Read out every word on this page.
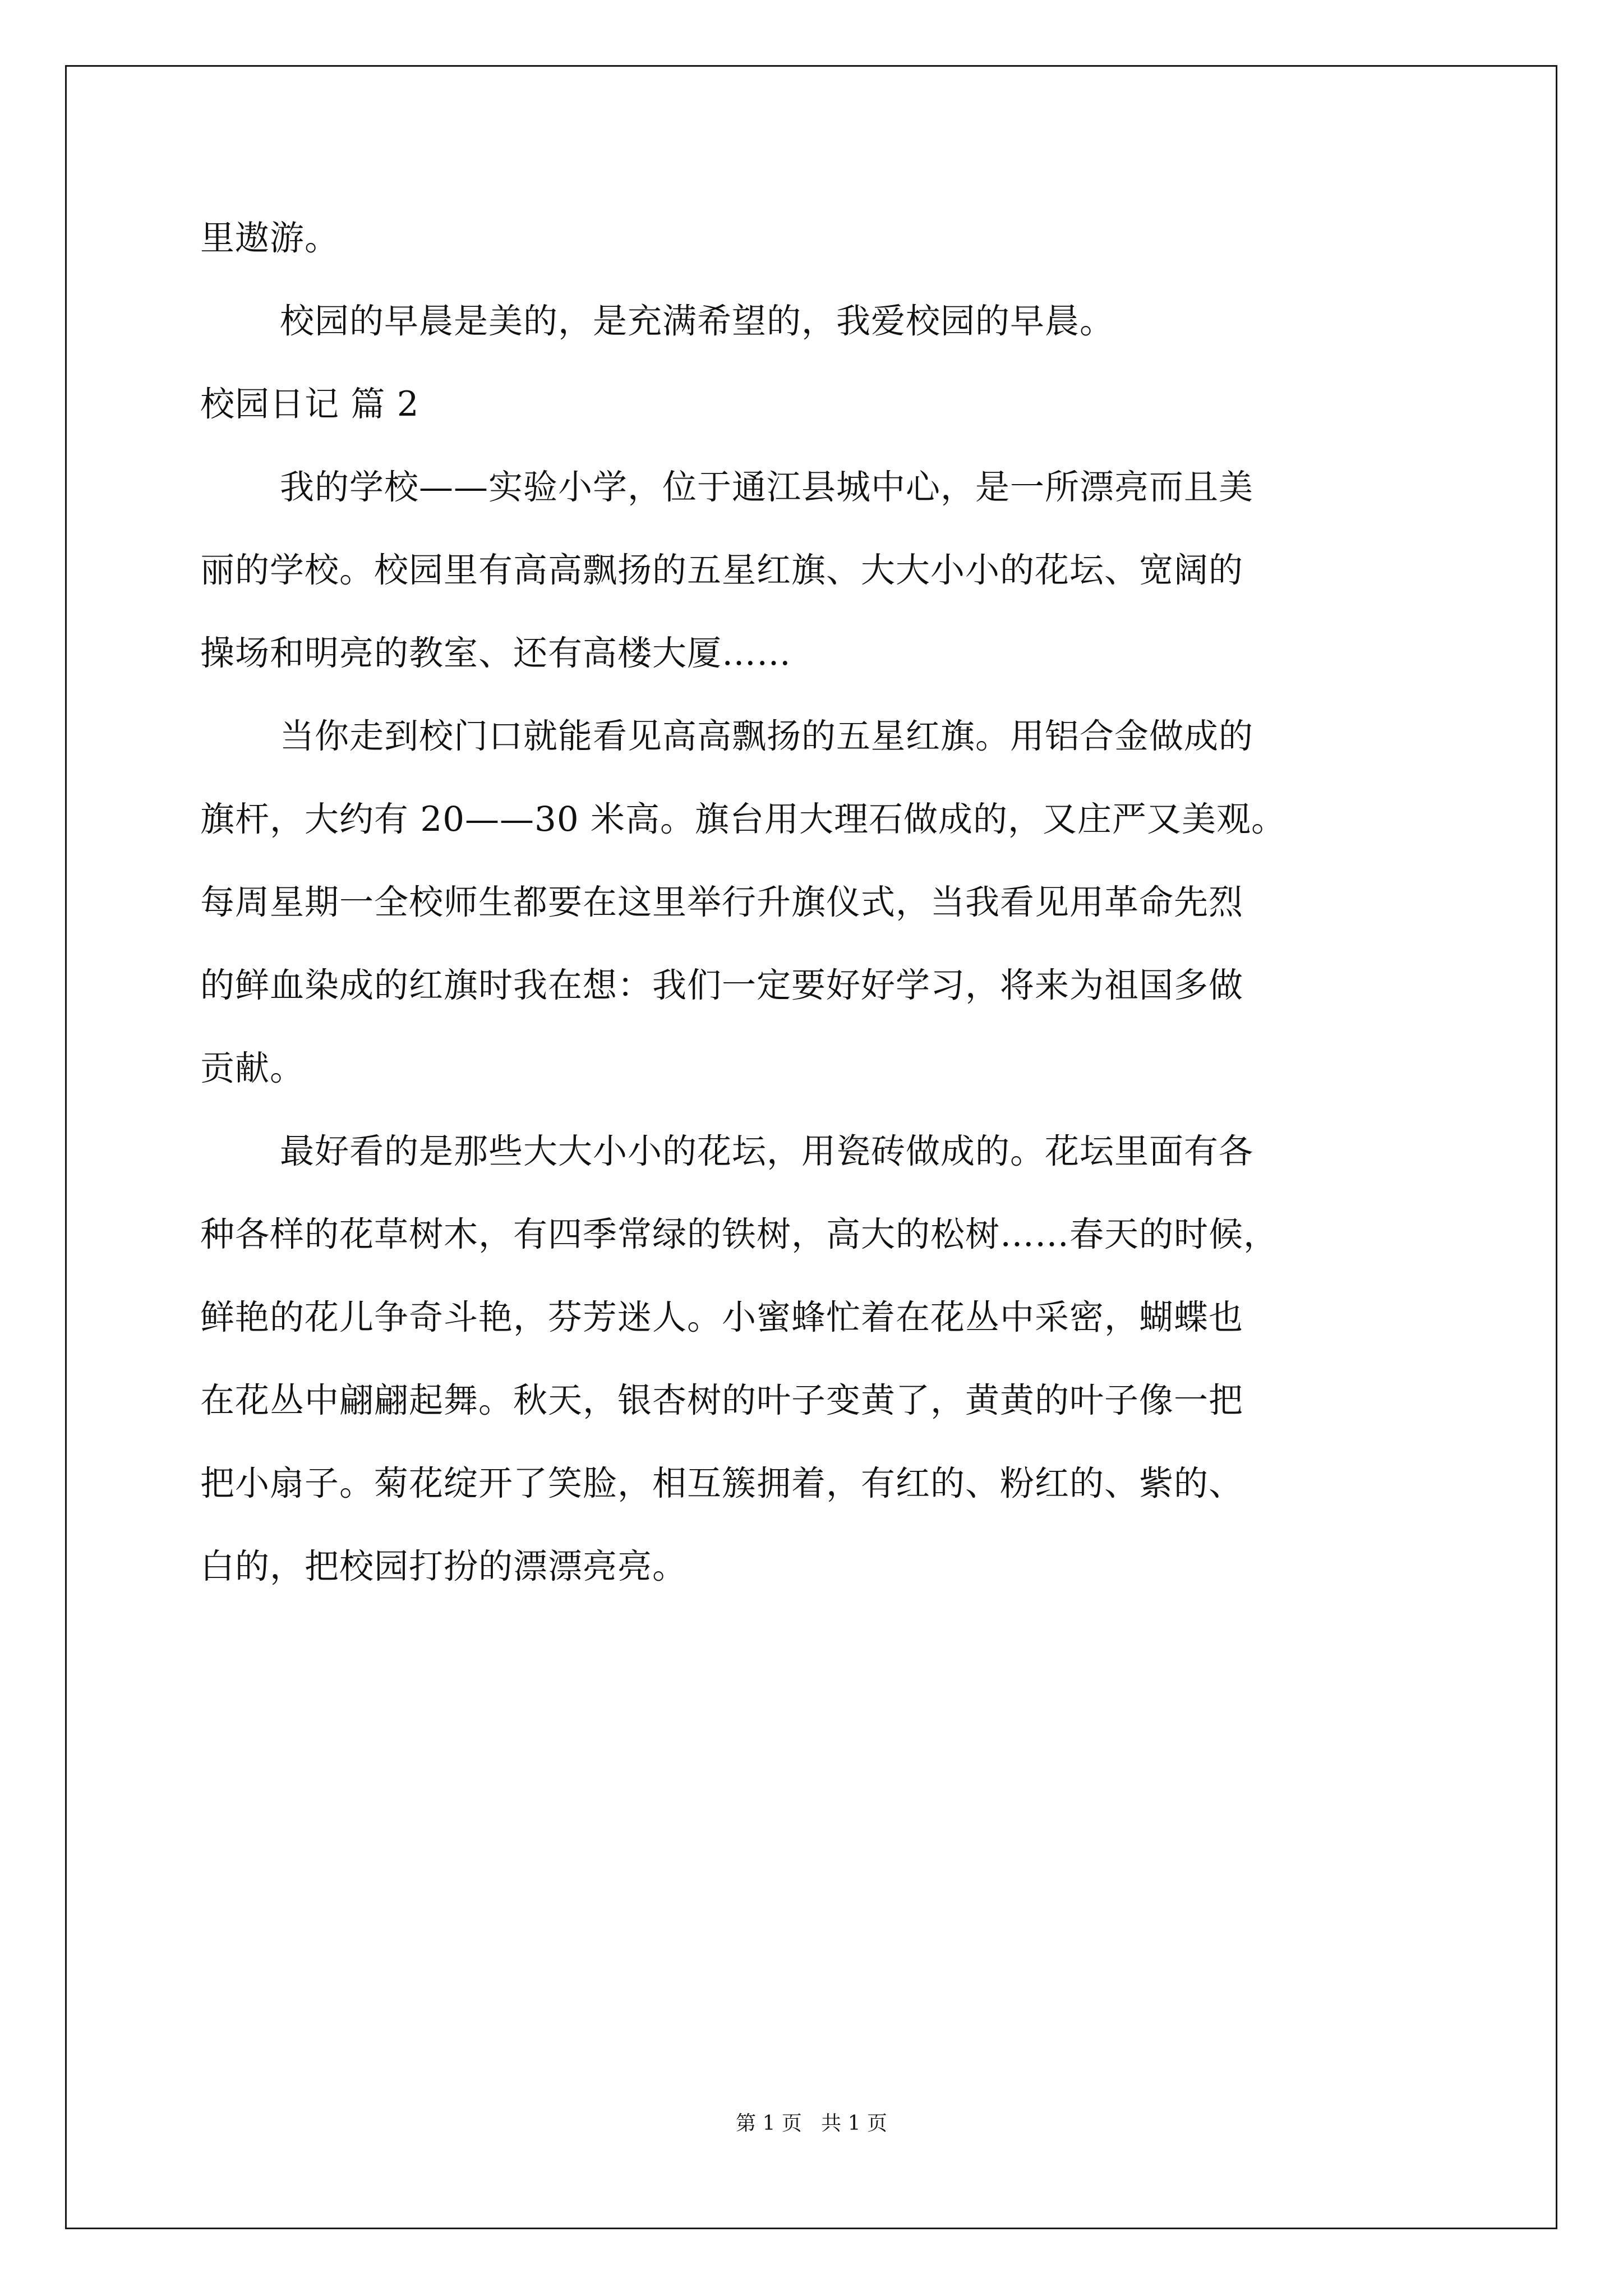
里遨游。
校园的早晨是美的，是充满希望的，我爱校园的早晨。
校园日记 篇 2
我的学校——实验小学，位于通江县城中心，是一所漂亮而且美
丽的学校。校园里有高高飘扬的五星红旗、大大小小的花坛、宽阔的
操场和明亮的教室、还有高楼大厦……
当你走到校门口就能看见高高飘扬的五星红旗。用铝合金做成的
旗杆，大约有 20——30 米高。旗台用大理石做成的，又庄严又美观。
每周星期一全校师生都要在这里举行升旗仪式，当我看见用革命先烈
的鲜血染成的红旗时我在想：我们一定要好好学习，将来为祖国多做
贡献。
最好看的是那些大大小小的花坛，用瓷砖做成的。花坛里面有各
种各样的花草树木，有四季常绿的铁树，高大的松树……春天的时候，
鲜艳的花儿争奇斗艳，芬芳迷人。小蜜蜂忙着在花丛中采密，蝴蝶也
在花丛中翩翩起舞。秋天，银杏树的叶子变黄了，黄黄的叶子像一把
把小扇子。菊花绽开了笑脸，相互簇拥着，有红的、粉红的、紫的、
白的，把校园打扮的漂漂亮亮。
第 1 页   共 1 页
